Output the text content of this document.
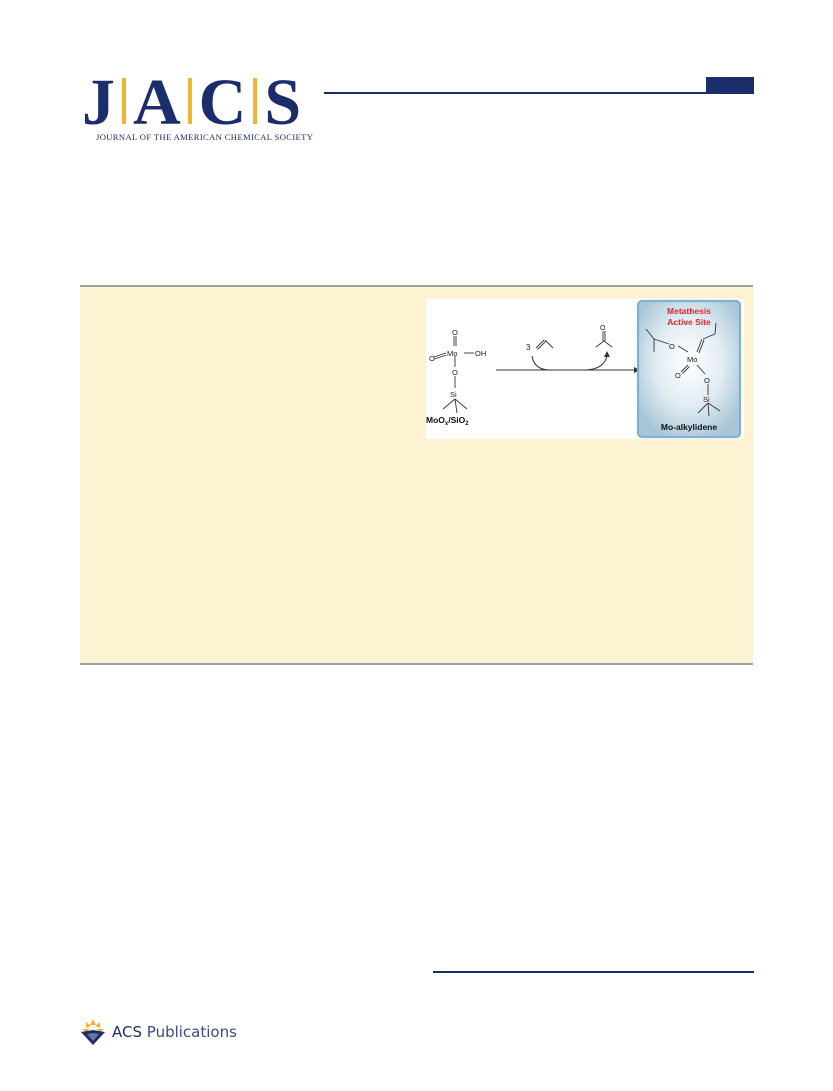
J A C S
JOURNAL OF THE AMERICAN CHEMICAL SOCIETY
O
Mo OH
O
O
Si
MoO$_x$/SiO$_2$
3
O
Metathesis
Active Site
O
Mo
O
O
Si
Mo-alkylidene
ACS Publications
